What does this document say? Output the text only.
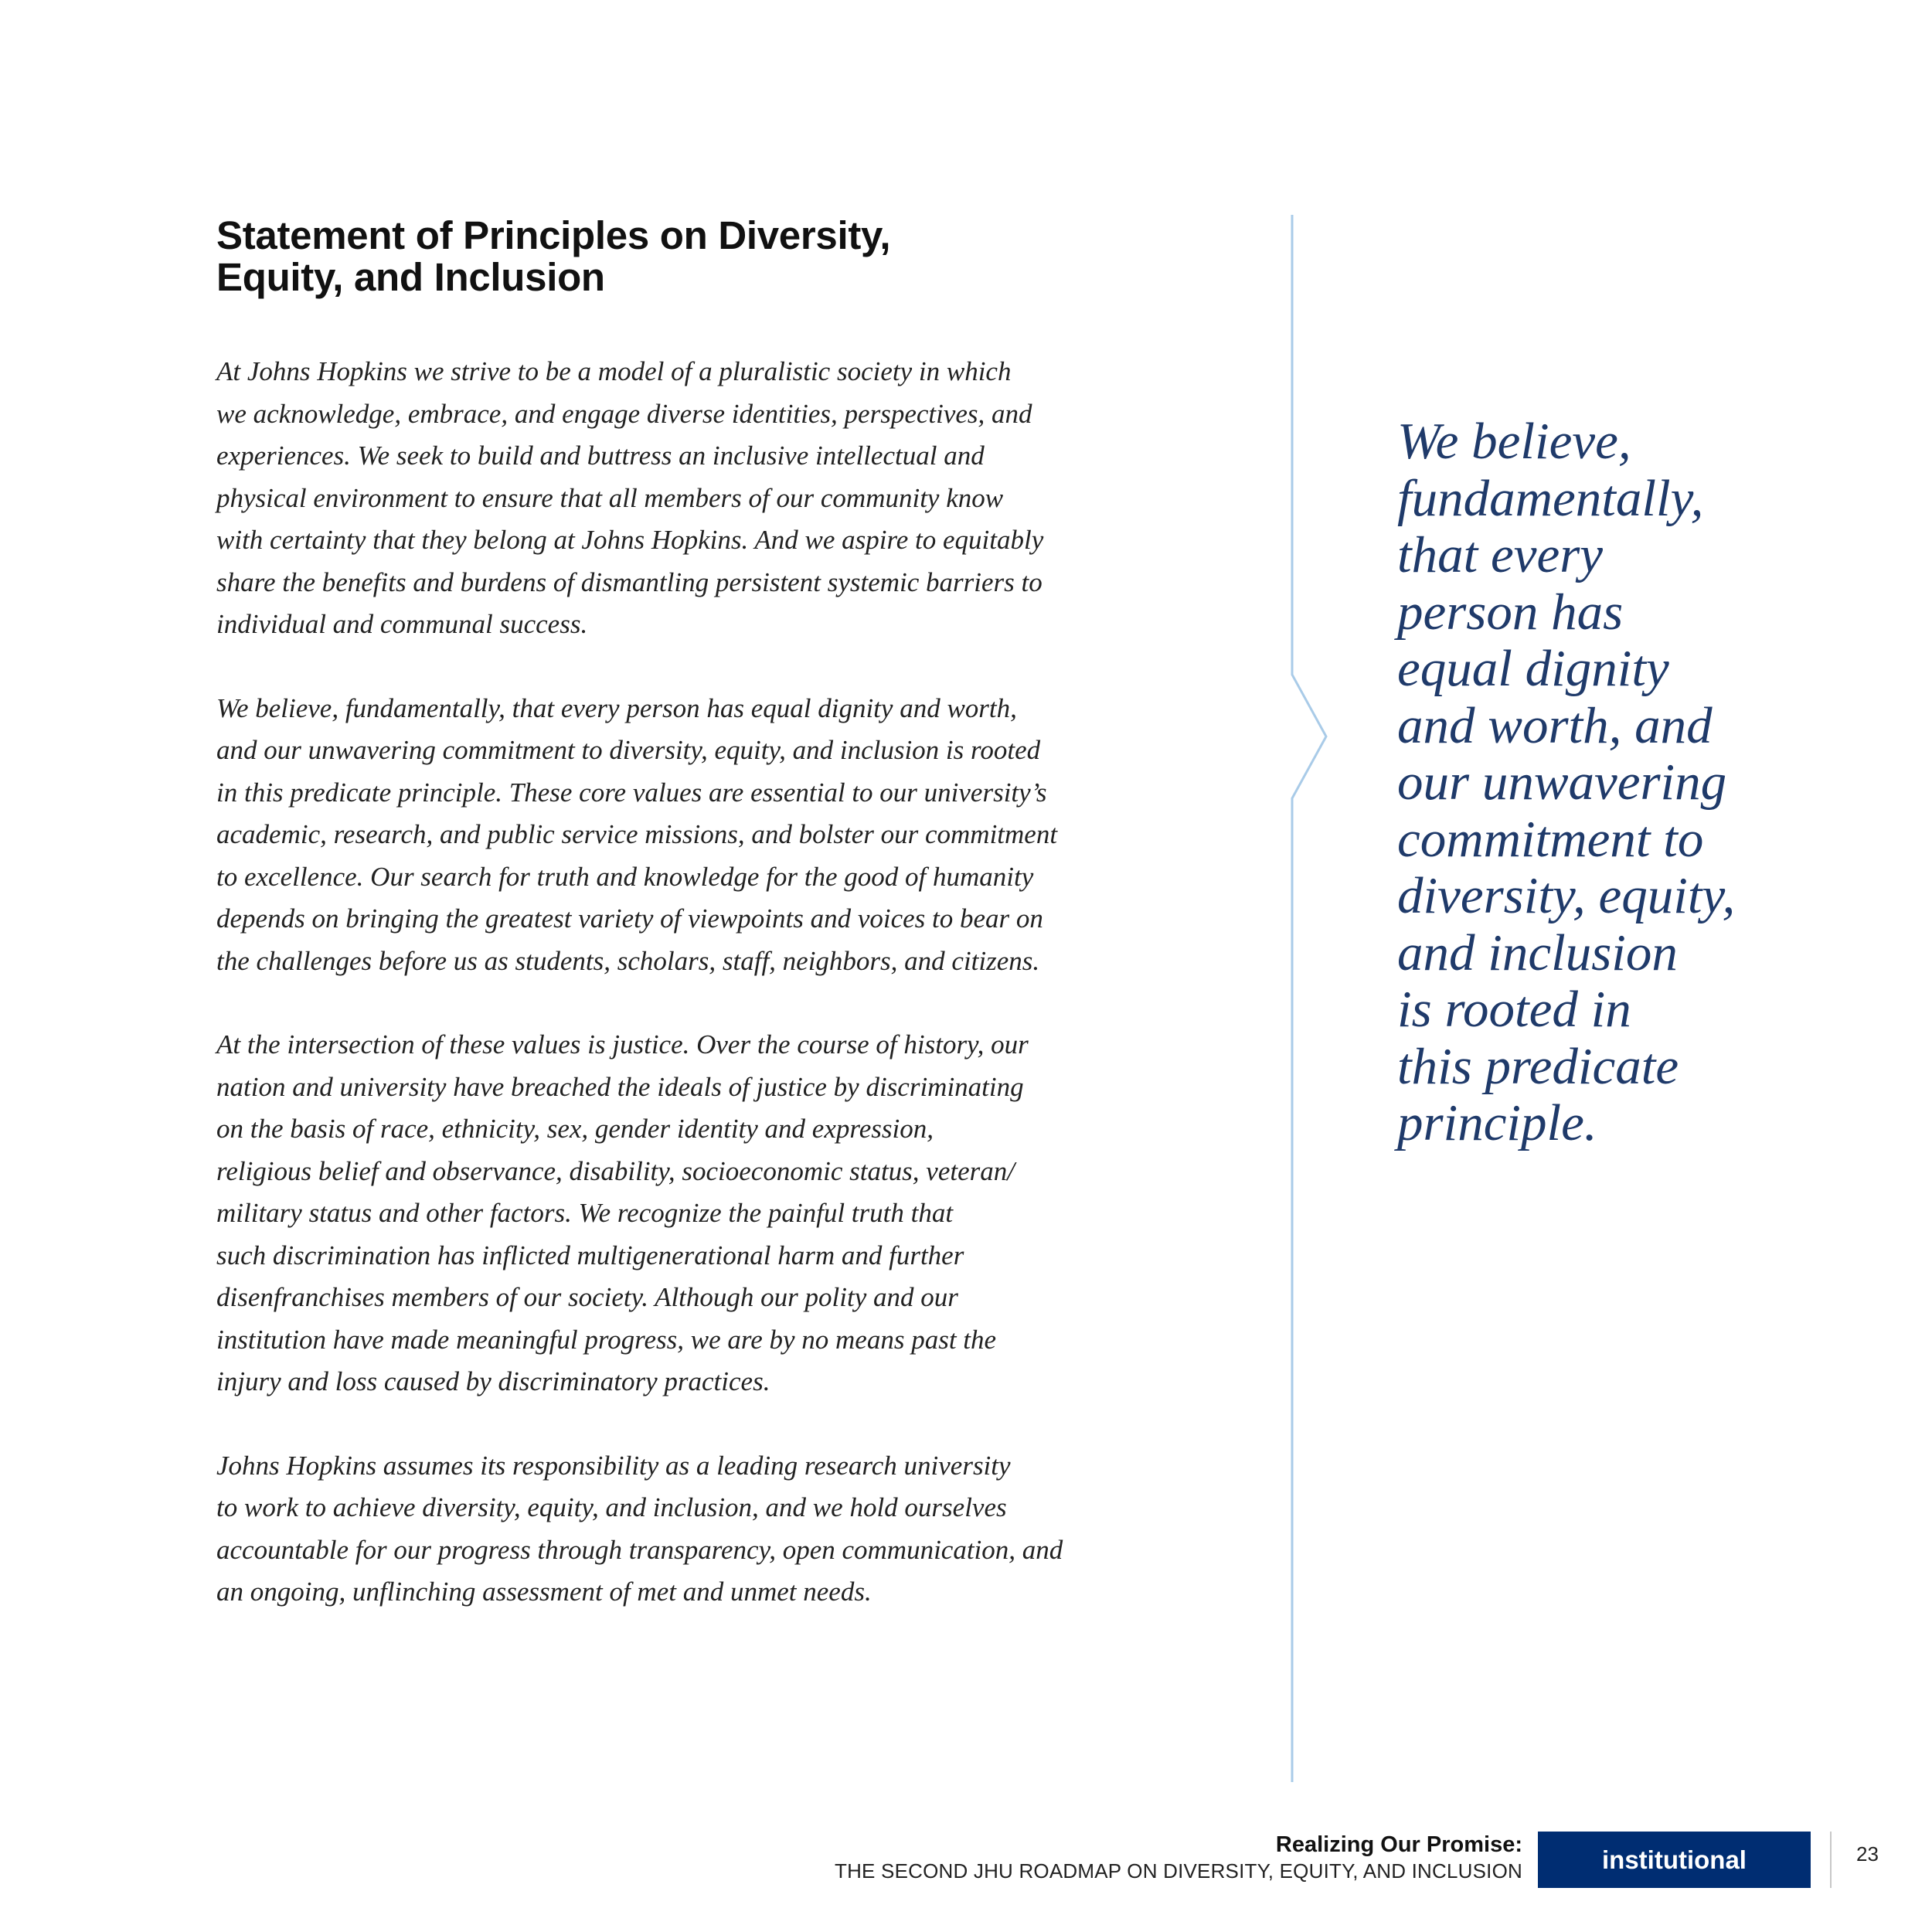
Statement of Principles on Diversity,
Equity, and Inclusion

At Johns Hopkins we strive to be a model of a pluralistic society in which
we acknowledge, embrace, and engage diverse identities, perspectives, and
experiences. We seek to build and buttress an inclusive intellectual and
physical environment to ensure that all members of our community know
with certainty that they belong at Johns Hopkins. And we aspire to equitably
share the benefits and burdens of dismantling persistent systemic barriers to
individual and communal success.

We believe, fundamentally, that every person has equal dignity and worth,
and our unwavering commitment to diversity, equity, and inclusion is rooted
in this predicate principle. These core values are essential to our university’s
academic, research, and public service missions, and bolster our commitment
to excellence. Our search for truth and knowledge for the good of humanity
depends on bringing the greatest variety of viewpoints and voices to bear on
the challenges before us as students, scholars, staff, neighbors, and citizens.

At the intersection of these values is justice. Over the course of history, our
nation and university have breached the ideals of justice by discriminating
on the basis of race, ethnicity, sex, gender identity and expression,
religious belief and observance, disability, socioeconomic status, veteran/
military status and other factors. We recognize the painful truth that
such discrimination has inflicted multigenerational harm and further
disenfranchises members of our society. Although our polity and our
institution have made meaningful progress, we are by no means past the
injury and loss caused by discriminatory practices.

Johns Hopkins assumes its responsibility as a leading research university
to work to achieve diversity, equity, and inclusion, and we hold ourselves
accountable for our progress through transparency, open communication, and
an ongoing, unflinching assessment of met and unmet needs.

We believe,
fundamentally,
that every
person has
equal dignity
and worth, and
our unwavering
commitment to
diversity, equity,
and inclusion
is rooted in
this predicate
principle.
Realizing Our Promise:
THE SECOND JHU ROADMAP ON DIVERSITY, EQUITY, AND INCLUSION	institutional	23
